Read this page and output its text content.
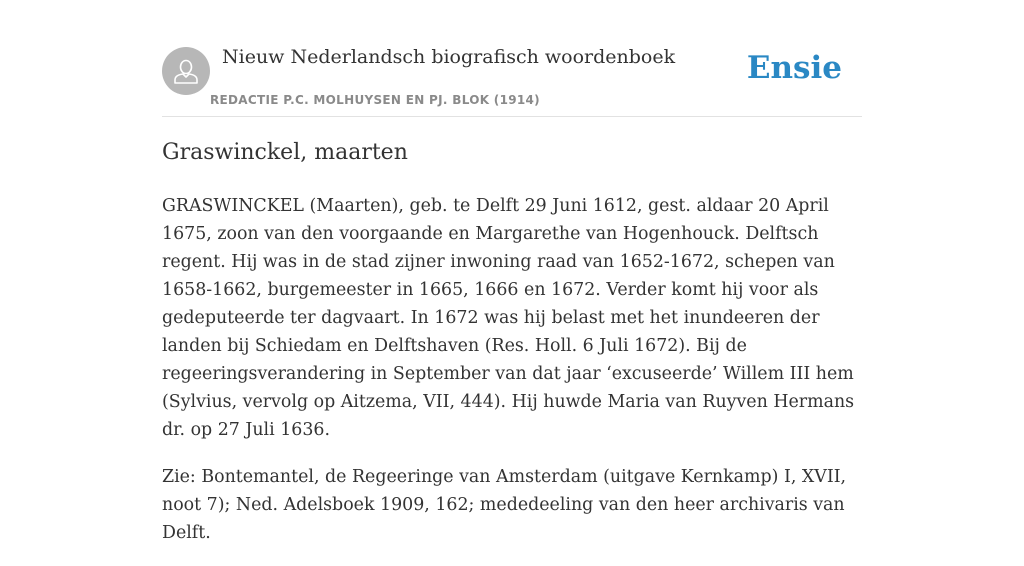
Nieuw Nederlandsch biografisch woordenboek
REDACTIE P.C. MOLHUYSEN EN PJ. BLOK (1914)
Ensie
Graswinckel, maarten

GRASWINCKEL (Maarten), geb. te Delft 29 Juni 1612, gest. aldaar 20 April 1675, zoon van den voorgaande en Margarethe van Hogenhouck. Delftsch regent. Hij was in de stad zijner inwoning raad van 1652-1672, schepen van 1658-1662, burgemeester in 1665, 1666 en 1672. Verder komt hij voor als gedeputeerde ter dagvaart. In 1672 was hij belast met het inundeeren der landen bij Schiedam en Delftshaven (Res. Holl. 6 Juli 1672). Bij de regeeringsverandering in September van dat jaar ‘excuseerde’ Willem III hem (Sylvius, vervolg op Aitzema, VII, 444). Hij huwde Maria van Ruyven Hermans dr. op 27 Juli 1636.

Zie: Bontemantel, de Regeeringe van Amsterdam (uitgave Kernkamp) I, XVII, noot 7); Ned. Adelsboek 1909, 162; mededeeling van den heer archivaris van Delft.
